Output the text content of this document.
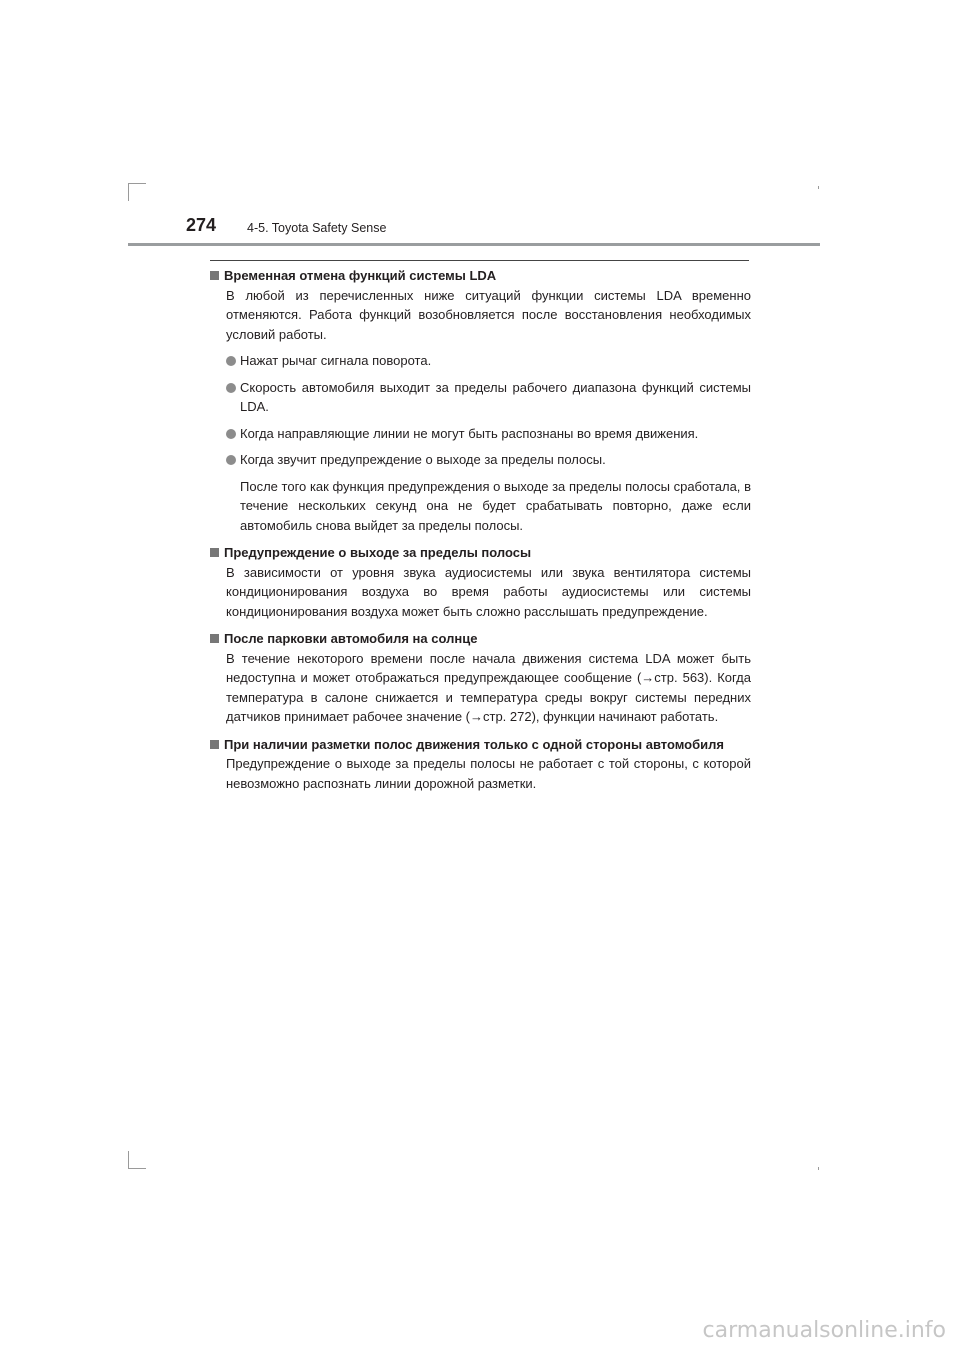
274 4-5. Toyota Safety Sense
Временная отмена функций системы LDA

В любой из перечисленных ниже ситуаций функции системы LDA временно отменяются. Работа функций возобновляется после восстановления необходимых условий работы.

Нажат рычаг сигнала поворота.
Скорость автомобиля выходит за пределы рабочего диапазона функций системы LDA.
Когда направляющие линии не могут быть распознаны во время движения.
Когда звучит предупреждение о выходе за пределы полосы.

После того как функция предупреждения о выходе за пределы полосы сработала, в течение нескольких секунд она не будет срабатывать повторно, даже если автомобиль снова выйдет за пределы полосы.

Предупреждение о выходе за пределы полосы

В зависимости от уровня звука аудиосистемы или звука вентилятора системы кондиционирования воздуха во время работы аудиосистемы или системы кондиционирования воздуха может быть сложно расслышать предупреждение.

После парковки автомобиля на солнце

В течение некоторого времени после начала движения система LDA может быть недоступна и может отображаться предупреждающее сообщение (→стр. 563). Когда температура в салоне снижается и температура среды вокруг системы передних датчиков принимает рабочее значение (→стр. 272), функции начинают работать.

При наличии разметки полос движения только с одной стороны автомобиля

Предупреждение о выходе за пределы полосы не работает с той стороны, с которой невозможно распознать линии дорожной разметки.

carmanualsonline.info
